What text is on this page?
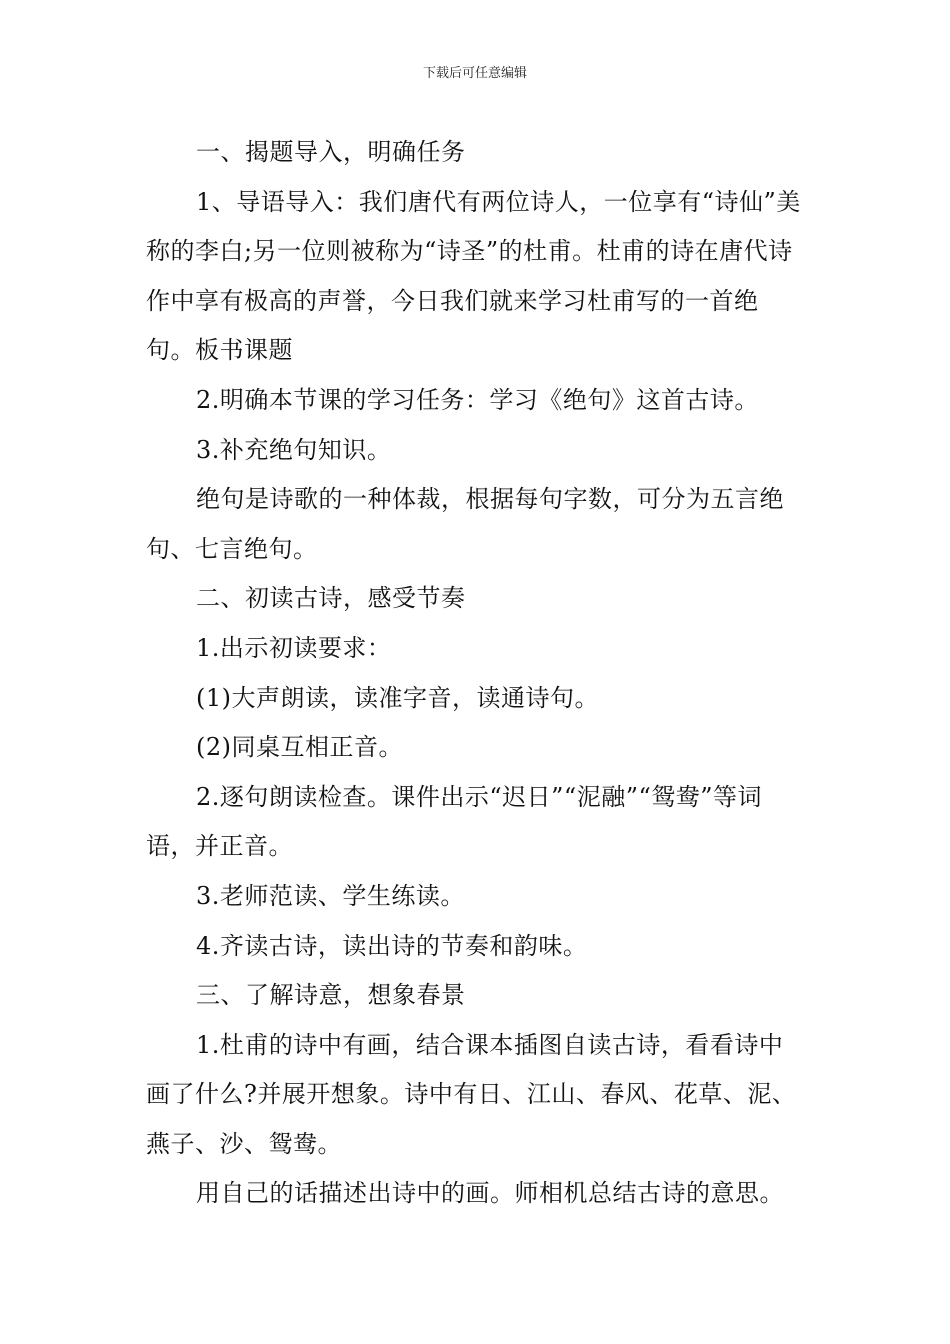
下载后可任意编辑

一、揭题导入，明确任务

1、导语导入：我们唐代有两位诗人，一位享有“诗仙”美称的李白;另一位则被称为“诗圣”的杜甫。杜甫的诗在唐代诗作中享有极高的声誉，今日我们就来学习杜甫写的一首绝句。板书课题

2.明确本节课的学习任务：学习《绝句》这首古诗。

3.补充绝句知识。

绝句是诗歌的一种体裁，根据每句字数，可分为五言绝句、七言绝句。

二、初读古诗，感受节奏

1.出示初读要求：

(1)大声朗读，读准字音，读通诗句。

(2)同桌互相正音。

2.逐句朗读检查。课件出示“迟日”“泥融”“鸳鸯”等词语，并正音。

3.老师范读、学生练读。

4.齐读古诗，读出诗的节奏和韵味。

三、了解诗意，想象春景

1.杜甫的诗中有画，结合课本插图自读古诗，看看诗中画了什么?并展开想象。诗中有日、江山、春风、花草、泥、燕子、沙、鸳鸯。

用自己的话描述出诗中的画。师相机总结古诗的意思。
